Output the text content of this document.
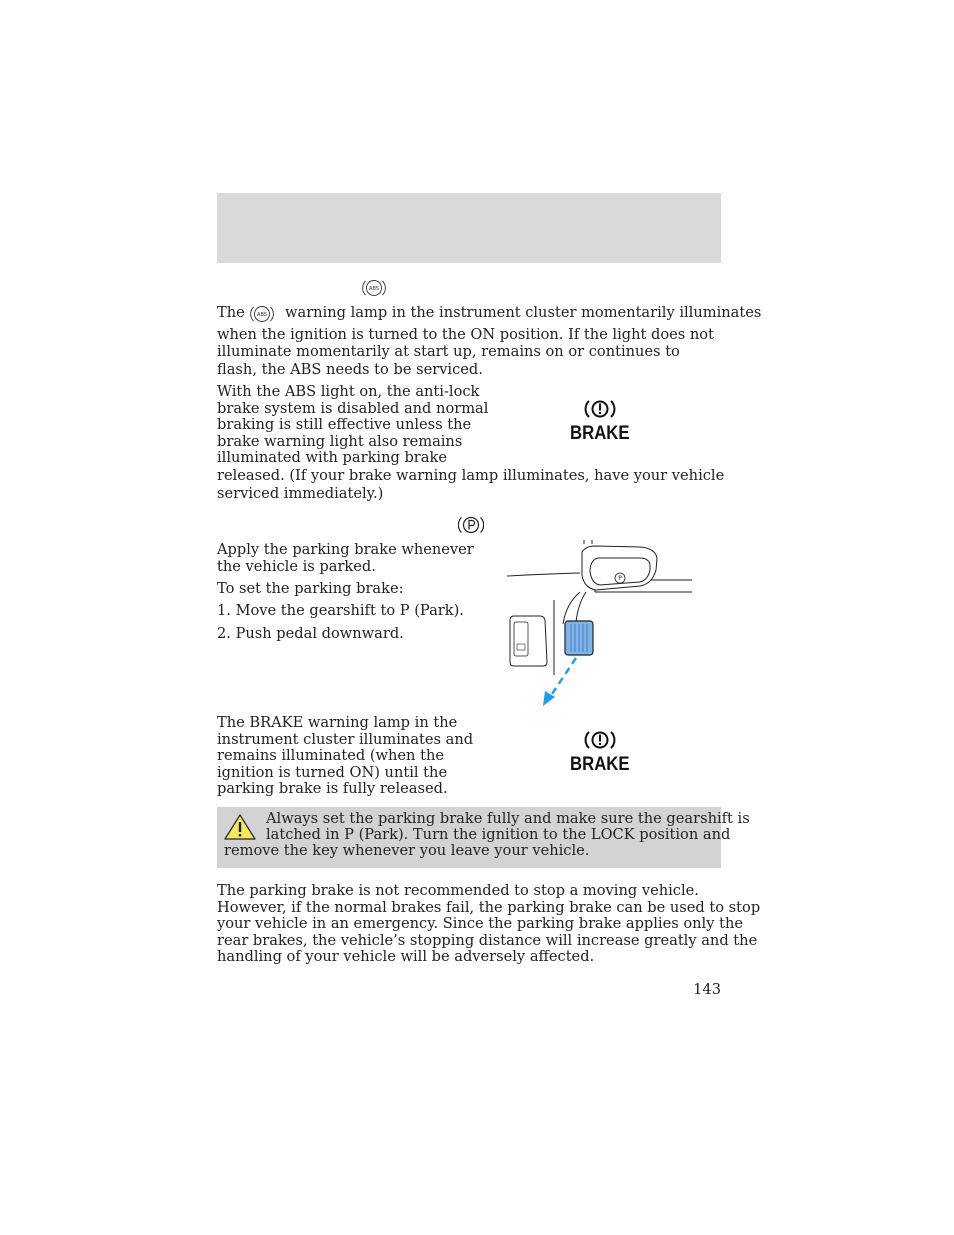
ABS
The ABS warning lamp in the instrument cluster momentarily illuminates
when the ignition is turned to the ON position. If the light does not illuminate momentarily at start up, remains on or continues to flash, the ABS needs to be serviced.
With the ABS light on, the anti-lock
brake system is disabled and normal
braking is still effective unless the
brake warning light also remains
illuminated with parking brake
released. (If your brake warning lamp illuminates, have your vehicle
serviced immediately.)
BRAKE
Apply the parking brake whenever
the vehicle is parked.
To set the parking brake:
1. Move the gearshift to P (Park).
2. Push pedal downward.
P
The BRAKE warning lamp in the
instrument cluster illuminates and
remains illuminated (when the
ignition is turned ON) until the
parking brake is fully released.
BRAKE
Always set the parking brake fully and make sure the gearshift is
latched in P (Park). Turn the ignition to the LOCK position and
remove the key whenever you leave your vehicle.
The parking brake is not recommended to stop a moving vehicle.
However, if the normal brakes fail, the parking brake can be used to stop
your vehicle in an emergency. Since the parking brake applies only the
rear brakes, the vehicle’s stopping distance will increase greatly and the
handling of your vehicle will be adversely affected.
143
